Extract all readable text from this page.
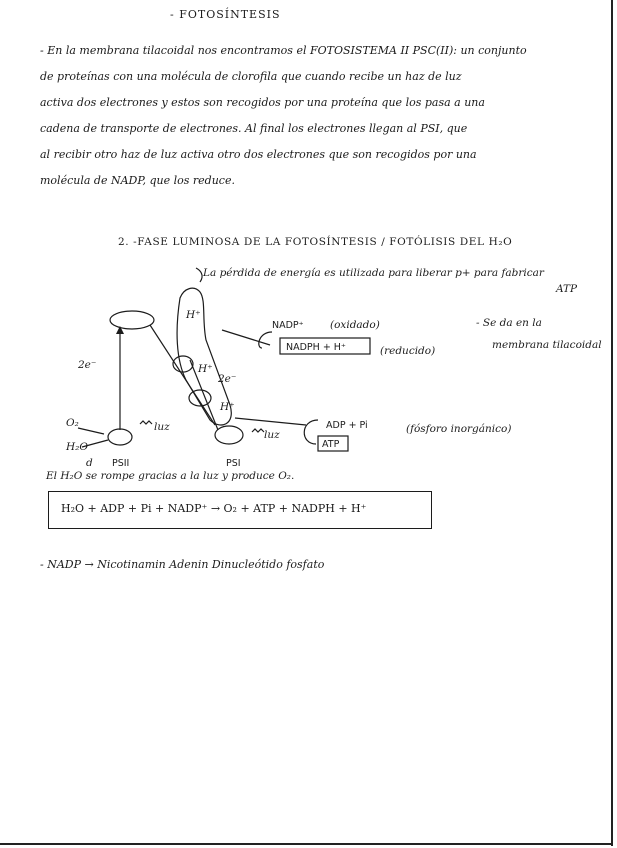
- FOTOSÍNTESIS
- En la membrana tilacoidal nos encontramos el FOTOSISTEMA II PSC(II): un conjunto
de proteínas con una molécula de clorofila que cuando recibe un haz de luz
activa dos electrones y estos son recogidos por una proteína que los pasa a una
cadena de transporte de electrones. Al final los electrones llegan al PSI, que
al recibir otro haz de luz activa otro dos electrones que son recogidos por una
molécula de NADP, que los reduce.
2. -FASE LUMINOSA DE LA FOTOSÍNTESIS / FOTÓLISIS DEL H₂O
La pérdida de energía es utilizada para liberar p+ para fabricar
ATP
NADP⁺	(oxidado)
NADPH + H⁺	(reducido)
- Se da en la
membrana tilacoidal
2e⁻
2e⁻
H⁺
H⁺
H⁺
O₂
H₂O
luz
luz
d PSII	PSI
ADP + Pi	(fósforo inorgánico)
ATP
El H₂O se rompe gracias a la luz y produce O₂.
H₂O + ADP + Pi + NADP⁺ → O₂ + ATP + NADPH + H⁺
- NADP → Nicotinamin Adenin Dinucleótido fosfato
